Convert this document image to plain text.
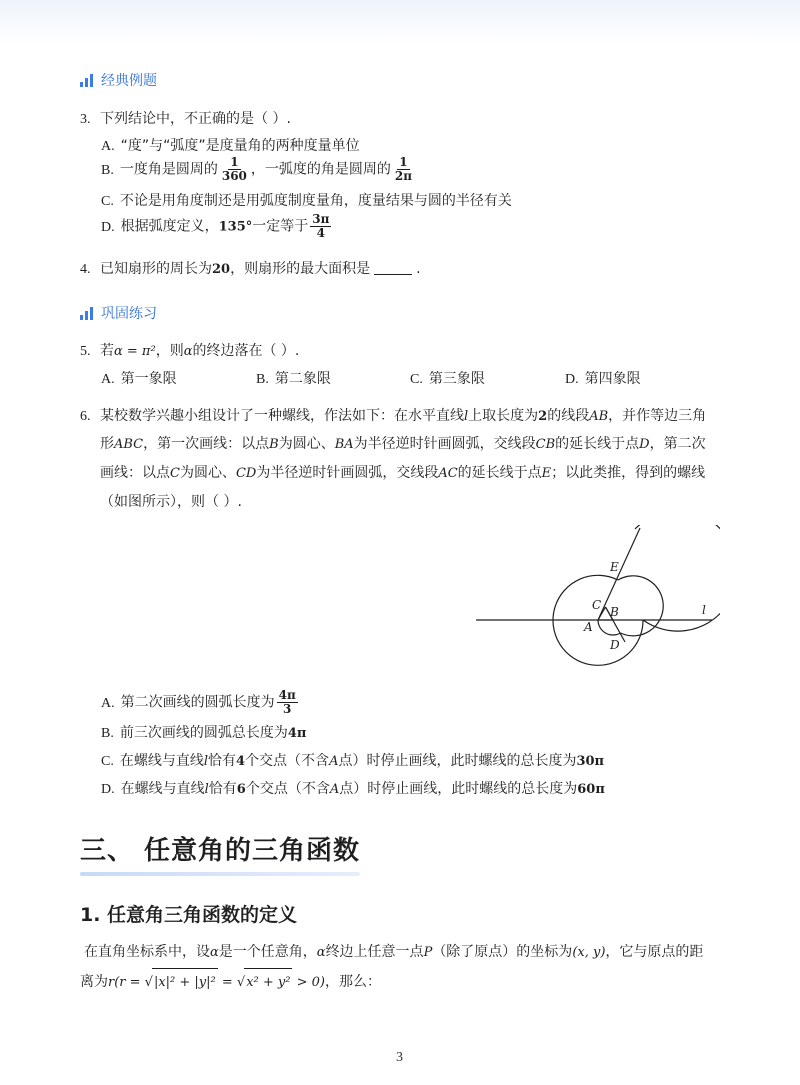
经典例题
3. 下列结论中，不正确的是（ ）.
A. “度”与“弧度”是度量角的两种度量单位
B. 一度角是圆周的 $\frac{1}{360}$ ，一弧度的角是圆周的 $\frac{1}{2\pi}$
C. 不论是用角度制还是用弧度制度量角，度量结果与圆的半径有关
D. 根据弧度定义，135°一定等于 $\frac{3\pi}{4}$
4. 已知扇形的周长为20，则扇形的最大面积是	.
巩固练习
5. 若α = π²，则α的终边落在（ ）.
A. 第一象限	B. 第二象限	C. 第三象限	D. 第四象限
6. 某校数学兴趣小组设计了一种螺线，作法如下：在水平直线l上取长度为2的线段AB，并作等边三角
形ABC，第一次画线：以点B为圆心、BA为半径逆时针画圆弧，交线段CB的延长线于点D，第二次
画线：以点C为圆心、CD为半径逆时针画圆弧，交线段AC的延长线于点E；以此类推，得到的螺线
（如图所示），则（ ）.
E
C B
A
D
l
A. 第二次画线的圆弧长度为 $\frac{4\pi}{3}$
B. 前三次画线的圆弧总长度为4π
C. 在螺线与直线l恰有4个交点（不含A点）时停止画线，此时螺线的总长度为30π
D. 在螺线与直线l恰有6个交点（不含A点）时停止画线，此时螺线的总长度为60π
三、 任意角的三角函数
1. 任意角三角函数的定义
在直角坐标系中，设α是一个任意角，α终边上任意一点P（除了原点）的坐标为(x, y)，它与原点的距
离为r(r = √|x|² + |y|² = √x² + y² > 0)，那么：
3
